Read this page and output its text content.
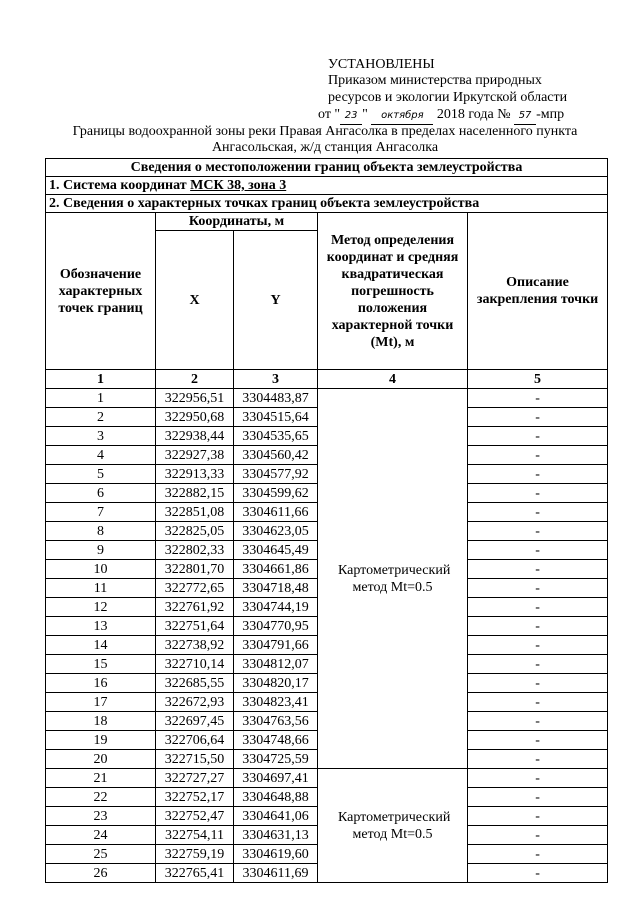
УСТАНОВЛЕНЫ
Приказом министерства природных
ресурсов и экологии Иркутской области
от " 23 " октября 2018 года № 57 -мпр
Границы водоохранной зоны реки Правая Ангасолка в пределах населенного пункта
Ангасольская, ж/д станция Ангасолка
Сведения о местоположении границ объекта землеустройства				
1. Система координат МСК 38, зона 3				
2. Сведения о характерных точках границ объекта землеустройства				
Обозначение характерных точек границ	Координаты, м		Метод определения координат и средняя квадратическая погрешность положения характерной точки (Mt), м	Описание закрепления точки
	X	Y		
1	2	3	4	5
1	322956,51	3304483,87	Картометрический метод Mt=0.5	-
2	322950,68	3304515,64		-
3	322938,44	3304535,65		-
4	322927,38	3304560,42		-
5	322913,33	3304577,92		-
6	322882,15	3304599,62		-
7	322851,08	3304611,66		-
8	322825,05	3304623,05		-
9	322802,33	3304645,49		-
10	322801,70	3304661,86		-
11	322772,65	3304718,48		-
12	322761,92	3304744,19		-
13	322751,64	3304770,95		-
14	322738,92	3304791,66		-
15	322710,14	3304812,07		-
16	322685,55	3304820,17		-
17	322672,93	3304823,41		-
18	322697,45	3304763,56		-
19	322706,64	3304748,66		-
20	322715,50	3304725,59		-
21	322727,27	3304697,41	Картометрический метод Mt=0.5	-
22	322752,17	3304648,88		-
23	322752,47	3304641,06		-
24	322754,11	3304631,13		-
25	322759,19	3304619,60		-
26	322765,41	3304611,69		-
